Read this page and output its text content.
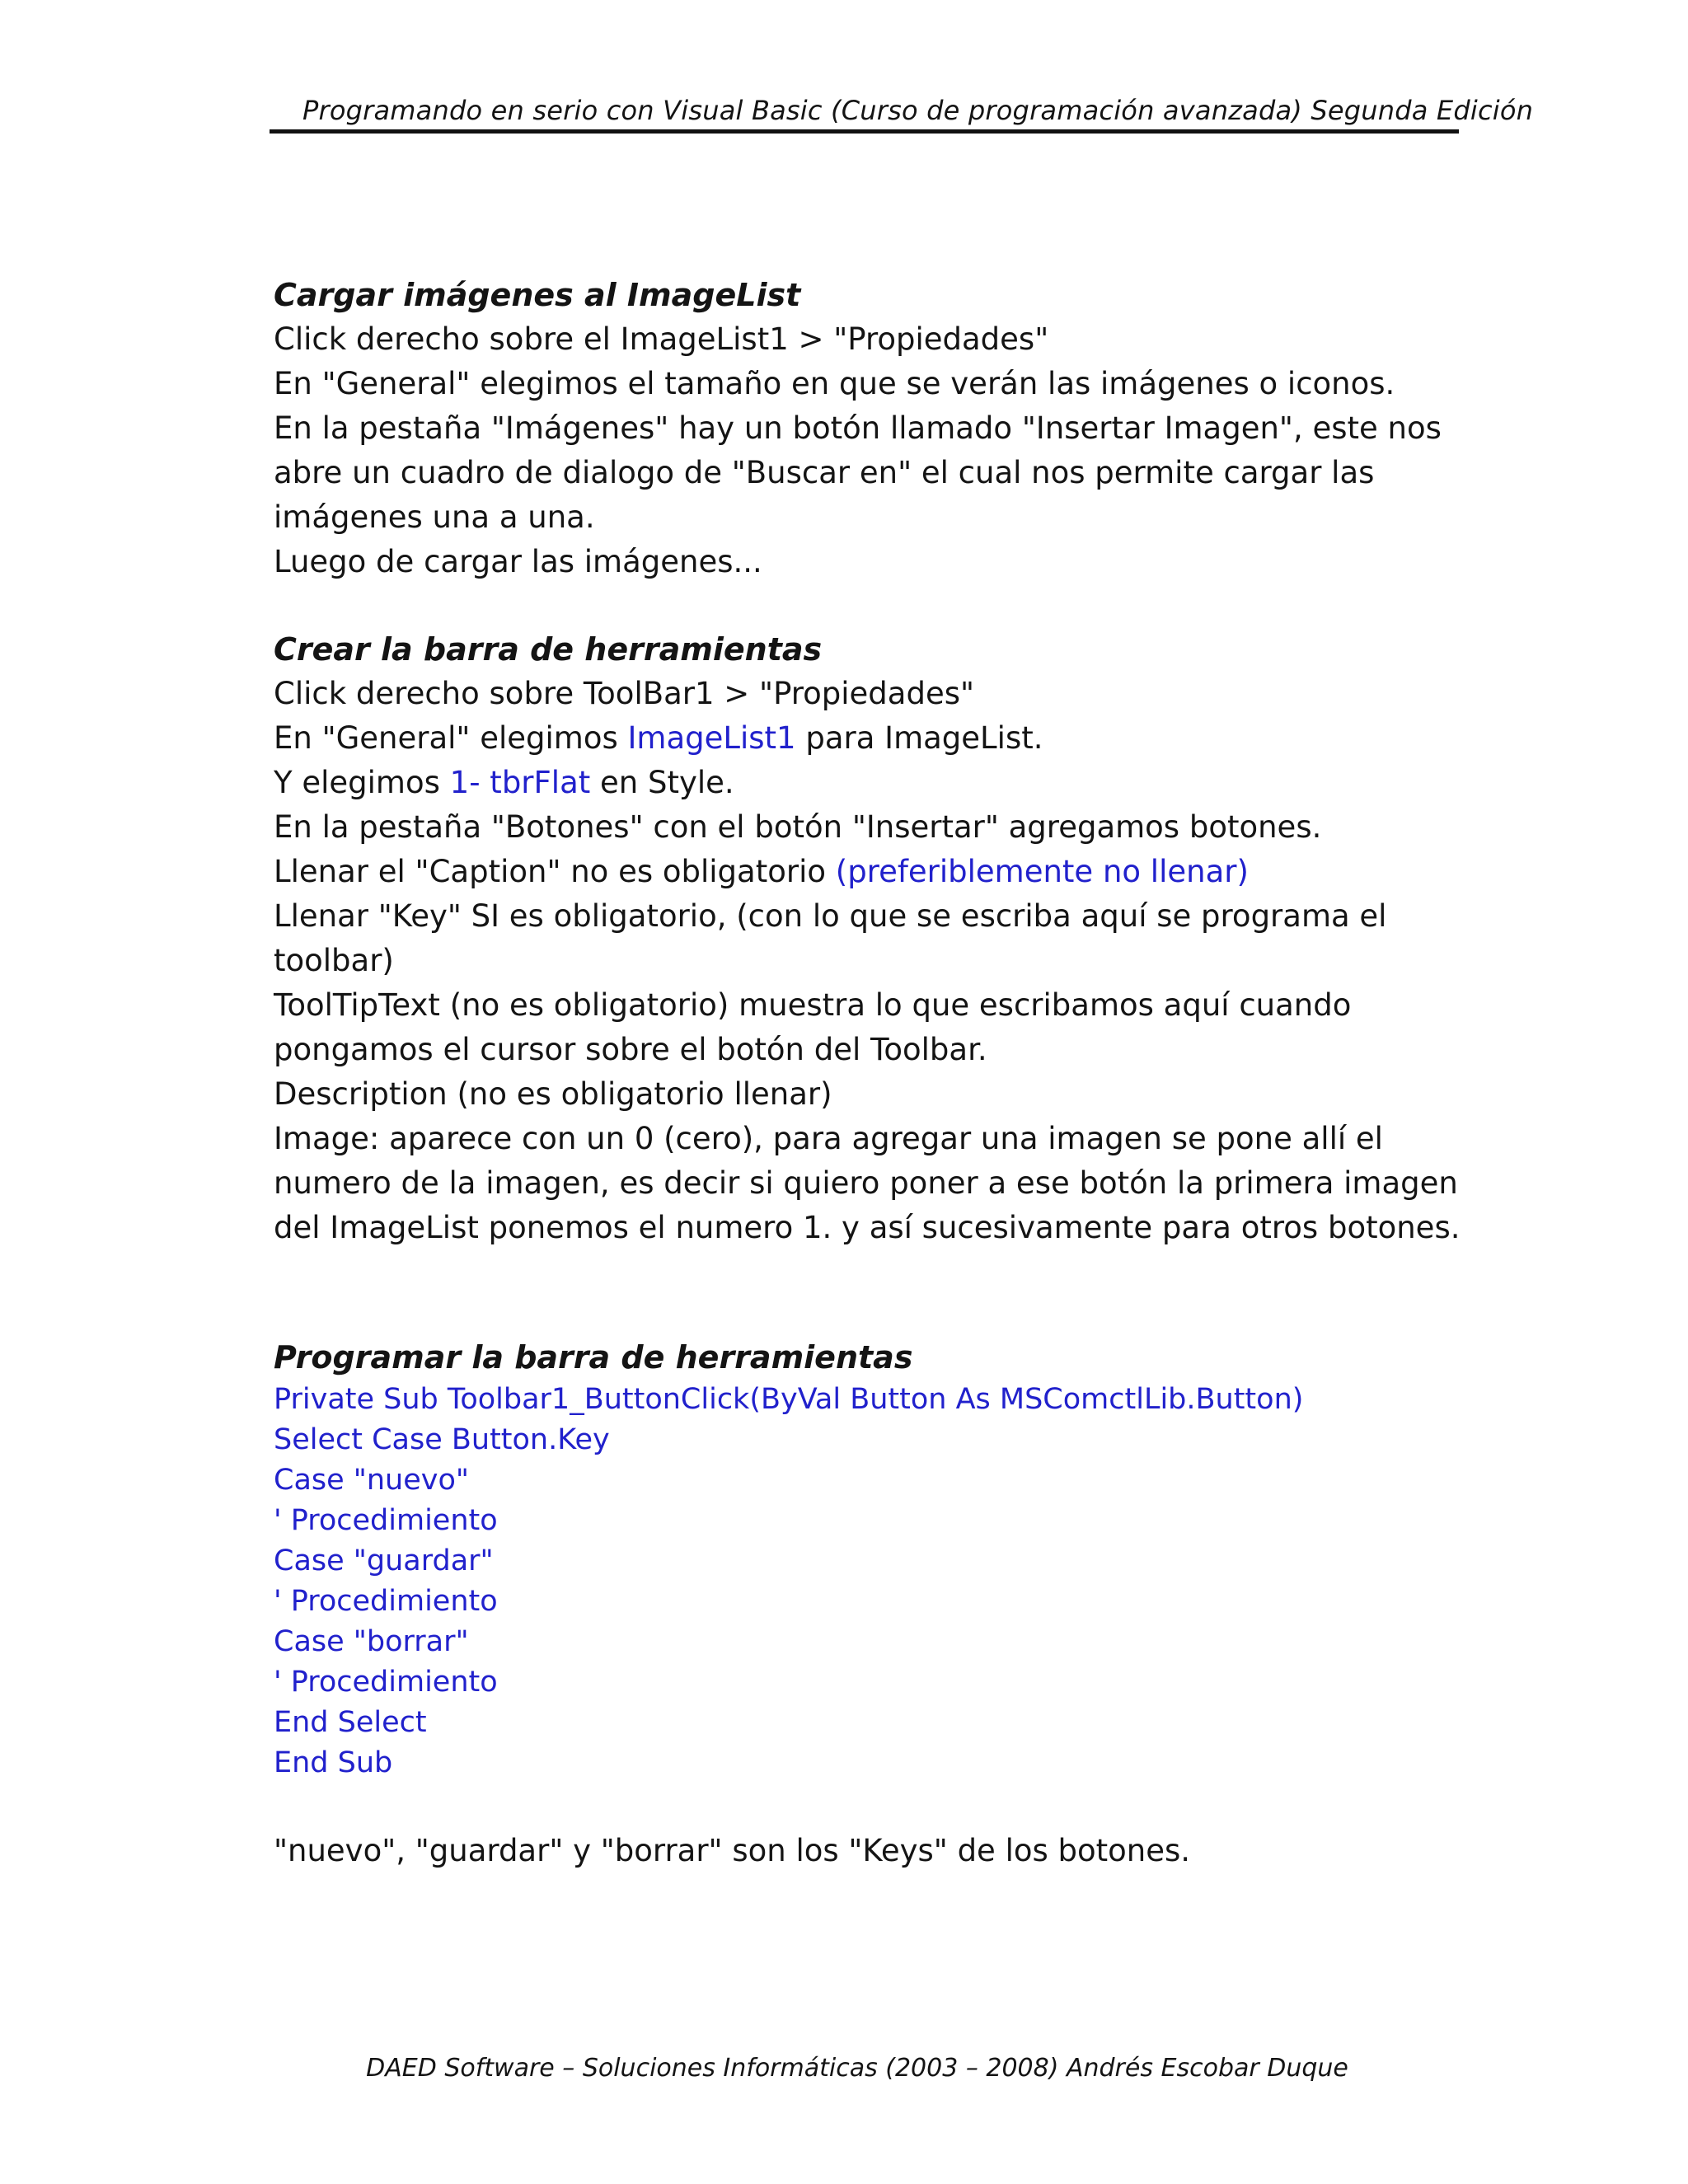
Programando en serio con Visual Basic (Curso de programación avanzada) Segunda Edición
Cargar imágenes al ImageList
Click derecho sobre el ImageList1 > "Propiedades"
En "General" elegimos el tamaño en que se verán las imágenes o iconos.
En la pestaña "Imágenes" hay un botón llamado "Insertar Imagen", este nos
abre un cuadro de dialogo de "Buscar en" el cual nos permite cargar las
imágenes una a una.
Luego de cargar las imágenes...
Crear la barra de herramientas
Click derecho sobre ToolBar1 > "Propiedades"
En "General" elegimos ImageList1 para ImageList.
Y elegimos 1- tbrFlat en Style.
En la pestaña "Botones" con el botón "Insertar" agregamos botones.
Llenar el "Caption" no es obligatorio (preferiblemente no llenar)
Llenar "Key" SI es obligatorio, (con lo que se escriba aquí se programa el
toolbar)
ToolTipText (no es obligatorio) muestra lo que escribamos aquí cuando
pongamos el cursor sobre el botón del Toolbar.
Description (no es obligatorio llenar)
Image: aparece con un 0 (cero), para agregar una imagen se pone allí el
numero de la imagen, es decir si quiero poner a ese botón la primera imagen
del ImageList ponemos el numero 1. y así sucesivamente para otros botones.
Programar la barra de herramientas
Private Sub Toolbar1_ButtonClick(ByVal Button As MSComctlLib.Button)
Select Case Button.Key
Case "nuevo"
' Procedimiento
Case "guardar"
' Procedimiento
Case "borrar"
' Procedimiento
End Select
End Sub
"nuevo", "guardar" y "borrar" son los "Keys" de los botones.
DAED Software – Soluciones Informáticas (2003 – 2008) Andrés Escobar Duque
